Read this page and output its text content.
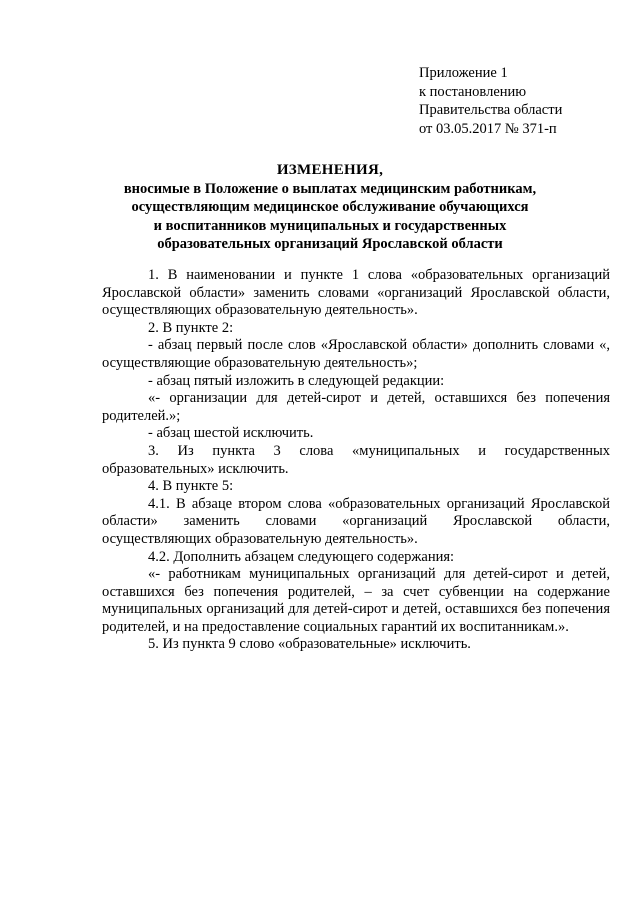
Приложение 1
к постановлению
Правительства области
от 03.05.2017 № 371-п
ИЗМЕНЕНИЯ,
вносимые в Положение о выплатах медицинским работникам,
осуществляющим медицинское обслуживание обучающихся
и воспитанников муниципальных и государственных
образовательных организаций Ярославской области

1. В наименовании и пункте 1 слова «образовательных организаций Ярославской области» заменить словами «организаций Ярославской области, осуществляющих образовательную деятельность».

2. В пункте 2:

- абзац первый после слов «Ярославской области» дополнить словами «, осуществляющие образовательную деятельность»;

- абзац пятый изложить в следующей редакции:

«- организации для детей-сирот и детей, оставшихся без попечения родителей.»;

- абзац шестой исключить.

3. Из пункта 3 слова «муниципальных и государственных образовательных» исключить.

4. В пункте 5:

4.1. В абзаце втором слова «образовательных организаций Ярославской области» заменить словами «организаций Ярославской области, осуществляющих образовательную деятельность».

4.2. Дополнить абзацем следующего содержания:

«- работникам муниципальных организаций для детей-сирот и детей, оставшихся без попечения родителей, – за счет субвенции на содержание муниципальных организаций для детей-сирот и детей, оставшихся без попечения родителей, и на предоставление социальных гарантий их воспитанникам.».

5. Из пункта 9 слово «образовательные» исключить.
